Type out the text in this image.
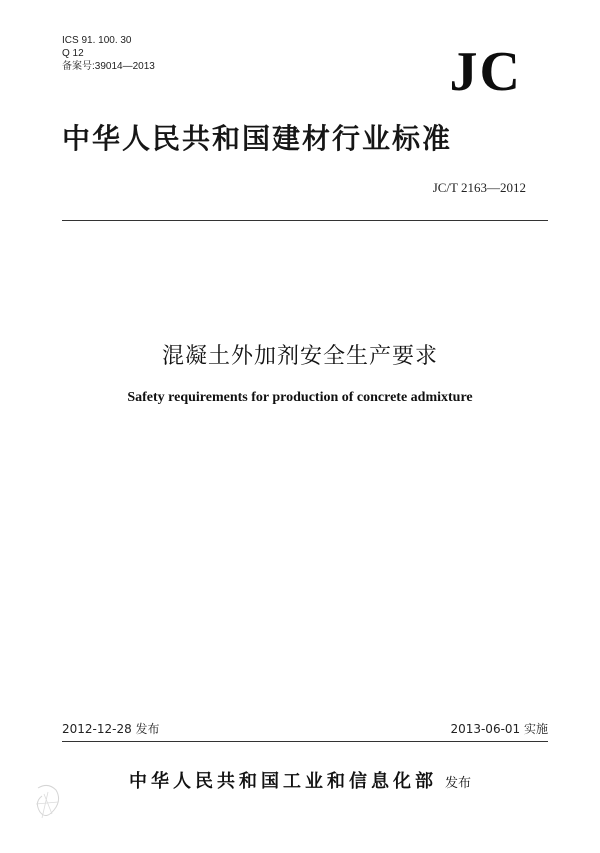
ICS 91. 100. 30
Q 12
备案号:39014—2013	JC
中华人民共和国建材行业标准
JC/T 2163—2012
混凝土外加剂安全生产要求
Safety requirements for production of concrete admixture
2012-12-28 发布	2013-06-01 实施
中华人民共和国工业和信息化部 发布
